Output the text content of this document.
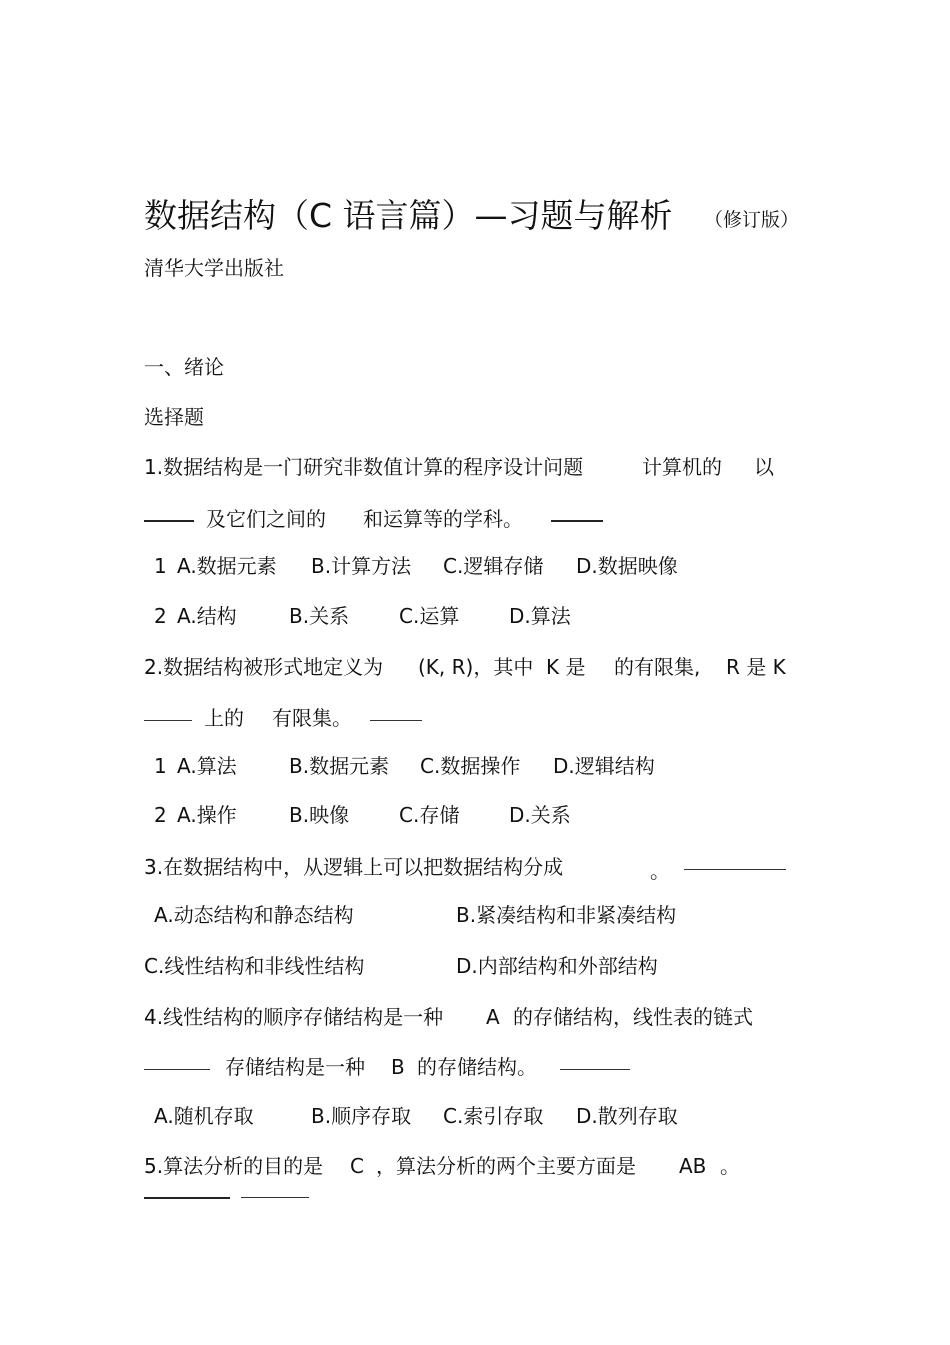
数据结构（C 语言篇）—习题与解析 （修订版）
清华大学出版社
一、绪论
选择题
1.数据结构是一门研究非数值计算的程序设计问题	计算机的 以
及它们之间的 和运算等的学科。
1 A.数据元素 B.计算方法 C.逻辑存储 D.数据映像
2 A.结构	B.关系 C.运算 D.算法
2.数据结构被形式地定义为 (K, R)，其中 K 是 的有限集, R 是 K
上的 有限集。
1 A.算法	B.数据元素 C.数据操作 D.逻辑结构
2 A.操作	B.映像 C.存储 D.关系
3.在数据结构中，从逻辑上可以把数据结构分成	。
A.动态结构和静态结构	B.紧凑结构和非紧凑结构
C.线性结构和非线性结构	D.内部结构和外部结构
4.线性结构的顺序存储结构是一种 A 的存储结构，线性表的链式
存储结构是一种 B 的存储结构。
A.随机存取	B.顺序存取 C.索引存取 D.散列存取
5.算法分析的目的是 C ，算法分析的两个主要方面是 AB 。
